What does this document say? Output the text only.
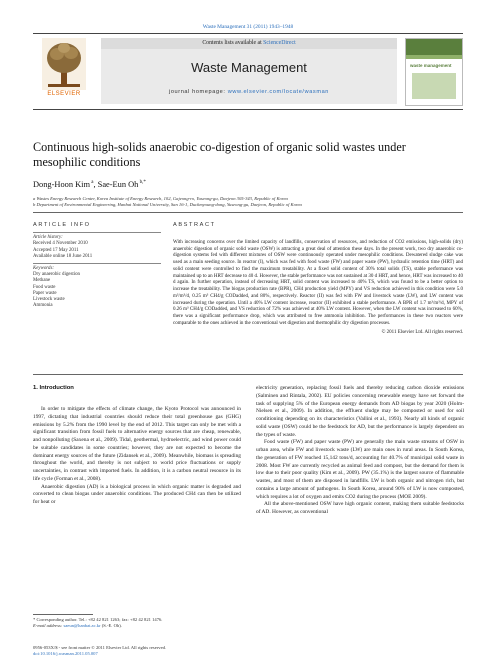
Waste Management 31 (2011) 1943–1948
ELSEVIER
Contents lists available at ScienceDirect
Waste Management
journal homepage: www.elsevier.com/locate/wasman
waste management
Continuous high-solids anaerobic co-digestion of organic solid wastes under mesophilic conditions
Dong-Hoon Kim $^a$, Sae-Eun Oh $^{b,*}$
a Wastes Energy Research Center, Korea Institute of Energy Research, 102, Gajeong-ro, Yuseong-gu, Daejeon 305-343, Republic of Korea
b Department of Environmental Engineering, Hanbat National University, San 16-1, Duckmyoung-dong, Yuseong-gu, Daejeon, Republic of Korea
ARTICLE INFO
Article history:
Received 4 November 2010
Accepted 17 May 2011
Available online 18 June 2011
Keywords:
Dry anaerobic digestion
Methane
Food waste
Paper waste
Livestock waste
Ammonia
ABSTRACT
With increasing concerns over the limited capacity of landfills, conservation of resources, and reduction of CO2 emissions, high-solids (dry) anaerobic digestion of organic solid waste (OSW) is attracting a great deal of attention these days. In the present work, two dry anaerobic co-digestion systems fed with different mixtures of OSW were continuously operated under mesophilic conditions. Dewatered sludge cake was used as a main seeding source. In reactor (I), which was fed with food waste (FW) and paper waste (PW), hydraulic retention time (HRT) and solid content were controlled to find the maximum treatability. At a fixed solid content of 30% total solids (TS), stable performance was maintained up to an HRT decrease to 40 d. However, the stable performance was not sustained at 30 d HRT, and hence, HRT was increased to 40 d again. In further operation, instead of decreasing HRT, solid content was increased to 40% TS, which was found to be a better option to increase the treatability. The biogas production rate (BPR), CH4 production yield (MPY) and VS reduction achieved in this condition were 5.0 m³/m³/d, 0.25 m³ CH4/g CODadded, and 80%, respectively. Reactor (II) was fed with FW and livestock waste (LW), and LW content was increased during the operation. Until a 40% LW content increase, reactor (II) exhibited a stable performance. A BPR of 1.7 m³/m³/d, MPY of 0.26 m³ CH4/g CODadded, and VS reduction of 72% was achieved at 40% LW content. However, when the LW content was increased to 60%, there was a significant performance drop, which was attributed to free ammonia inhibition. The performances in these two reactors were comparable to the ones achieved in the conventional wet digestion and thermophilic dry digestion processes.
© 2011 Elsevier Ltd. All rights reserved.
1. Introduction

In order to mitigate the effects of climate change, the Kyoto Protocol was announced in 1997, dictating that industrial countries should reduce their total greenhouse gas (GHG) emissions by 5.2% from the 1990 level by the end of 2012. This target can only be met with a significant transition from fossil fuels to alternative energy sources that are cheap, renewable, and nonpolluting (Saxena et al., 2009). Tidal, geothermal, hydroelectric, and wind power could be suitable candidates in some countries; however, they are not expected to become the dominant energy sources of the future (Zidansek et al., 2009). Meanwhile, biomass is spreading throughout the world, and thereby is not subject to world price fluctuations or supply uncertainties, in contrast with imported fuels. In addition, it is a carbon neutral resource in its life cycle (Forman et al., 2008).

Anaerobic digestion (AD) is a biological process in which organic matter is degraded and converted to clean biogas under anaerobic conditions. The produced CH4 can then be utilized for heat or

electricity generation, replacing fossil fuels and thereby reducing carbon dioxide emissions (Salminen and Rintala, 2002). EU policies concerning renewable energy have set forward the task of supplying 5% of the European energy demands from AD biogas by year 2020 (Holm-Nielsen et al., 2009). In addition, the effluent sludge may be composted or used for soil conditioning depending on its characteristics (Vallini et al., 1993). Nearly all kinds of organic solid waste (OSW) could be the feedstock for AD, but the performance is largely dependent on the types of waste.

Food waste (FW) and paper waste (PW) are generally the main waste streams of OSW in urban area, while FW and livestock waste (LW) are main ones in rural areas. In South Korea, the generation of FW reached 15,142 tons/d, accounting for 40.7% of municipal solid waste in 2008. Most FW are currently recycled as animal feed and compost, but the demand for them is low due to their poor quality (Kim et al., 2009). PW (35.1%) is the largest source of flammable wastes, and most of them are disposed in landfills. LW is both organic and nitrogen rich, but contains a large amount of pathogens. In South Korea, around 90% of LW is now composted, which requires a lot of oxygen and emits CO2 during the process (MOE 2009).

All the above-mentioned OSW have high organic content, making them suitable feedstocks of AD. However, as conventional

* Corresponding author. Tel.: +82 42 821 1263; fax: +82 42 821 1476.
E-mail address: saeun@hanbat.ac.kr (S.-E. Oh).
0956-053X/$ - see front matter © 2011 Elsevier Ltd. All rights reserved.
doi:10.1016/j.wasman.2011.05.007
